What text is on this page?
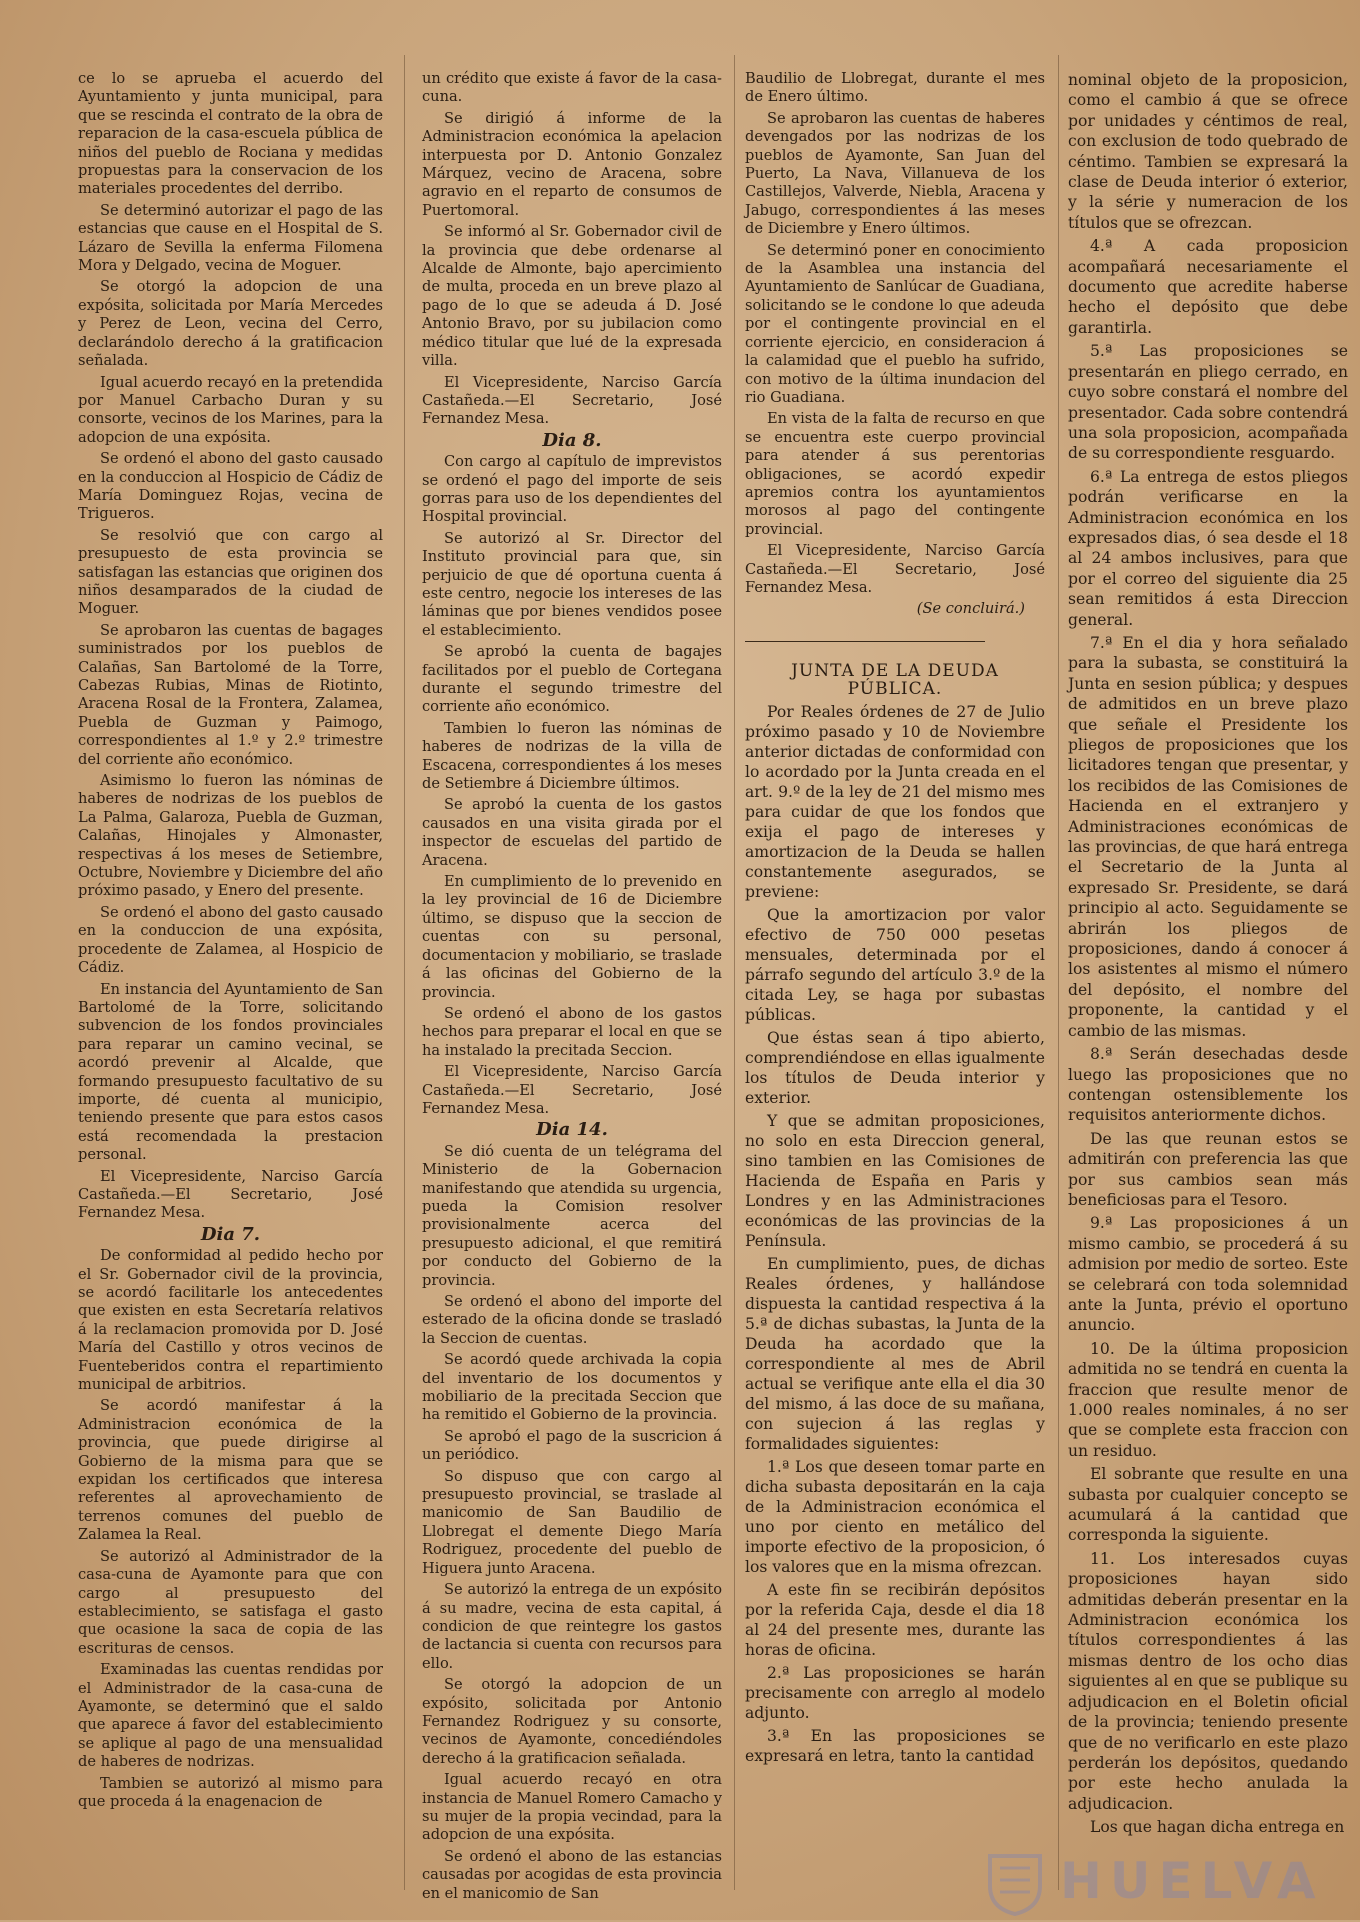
ce lo se aprueba el acuerdo del Ayuntamiento y junta municipal, para que se rescinda el contrato de la obra de reparacion de la casa-escuela pública de niños del pueblo de Rociana y medidas propuestas para la conservacion de los materiales procedentes del derribo.

Se determinó autorizar el pago de las estancias que cause en el Hospital de S. Lázaro de Sevilla la enferma Filomena Mora y Delgado, vecina de Moguer.

Se otorgó la adopcion de una expósita, solicitada por María Mercedes y Perez de Leon, vecina del Cerro, declarándolo derecho á la gratificacion señalada.

Igual acuerdo recayó en la pretendida por Manuel Carbacho Duran y su consorte, vecinos de los Marines, para la adopcion de una expósita.

Se ordenó el abono del gasto causado en la conduccion al Hospicio de Cádiz de María Dominguez Rojas, vecina de Trigueros.

Se resolvió que con cargo al presupuesto de esta provincia se satisfagan las estancias que originen dos niños desamparados de la ciudad de Moguer.

Se aprobaron las cuentas de bagages suministrados por los pueblos de Calañas, San Bartolomé de la Torre, Cabezas Rubias, Minas de Riotinto, Aracena Rosal de la Frontera, Zalamea, Puebla de Guzman y Paimogo, correspondientes al 1.º y 2.º trimestre del corriente año económico.

Asimismo lo fueron las nóminas de haberes de nodrizas de los pueblos de La Palma, Galaroza, Puebla de Guzman, Calañas, Hinojales y Almonaster, respectivas á los meses de Setiembre, Octubre, Noviembre y Diciembre del año próximo pasado, y Enero del presente.

Se ordenó el abono del gasto causado en la conduccion de una expósita, procedente de Zalamea, al Hospicio de Cádiz.

En instancia del Ayuntamiento de San Bartolomé de la Torre, solicitando subvencion de los fondos provinciales para reparar un camino vecinal, se acordó prevenir al Alcalde, que formando presupuesto facultativo de su importe, dé cuenta al municipio, teniendo presente que para estos casos está recomendada la prestacion personal.

El Vicepresidente, Narciso García Castañeda.—El Secretario, José Fernandez Mesa.

Dia 7.

De conformidad al pedido hecho por el Sr. Gobernador civil de la provincia, se acordó facilitarle los antecedentes que existen en esta Secretaría relativos á la reclamacion promovida por D. José María del Castillo y otros vecinos de Fuenteberidos contra el repartimiento municipal de arbitrios.

Se acordó manifestar á la Administracion económica de la provincia, que puede dirigirse al Gobierno de la misma para que se expidan los certificados que interesa referentes al aprovechamiento de terrenos comunes del pueblo de Zalamea la Real.

Se autorizó al Administrador de la casa-cuna de Ayamonte para que con cargo al presupuesto del establecimiento, se satisfaga el gasto que ocasione la saca de copia de las escrituras de censos.

Examinadas las cuentas rendidas por el Administrador de la casa-cuna de Ayamonte, se determinó que el saldo que aparece á favor del establecimiento se aplique al pago de una mensualidad de haberes de nodrizas.

Tambien se autorizó al mismo para que proceda á la enagenacion de

un crédito que existe á favor de la casa-cuna.

Se dirigió á informe de la Administracion económica la apelacion interpuesta por D. Antonio Gonzalez Márquez, vecino de Aracena, sobre agravio en el reparto de consumos de Puertomoral.

Se informó al Sr. Gobernador civil de la provincia que debe ordenarse al Alcalde de Almonte, bajo apercimiento de multa, proceda en un breve plazo al pago de lo que se adeuda á D. José Antonio Bravo, por su jubilacion como médico titular que lué de la expresada villa.

El Vicepresidente, Narciso García Castañeda.—El Secretario, José Fernandez Mesa.

Dia 8.

Con cargo al capítulo de imprevistos se ordenó el pago del importe de seis gorras para uso de los dependientes del Hospital provincial.

Se autorizó al Sr. Director del Instituto provincial para que, sin perjuicio de que dé oportuna cuenta á este centro, negocie los intereses de las láminas que por bienes vendidos posee el establecimiento.

Se aprobó la cuenta de bagajes facilitados por el pueblo de Cortegana durante el segundo trimestre del corriente año económico.

Tambien lo fueron las nóminas de haberes de nodrizas de la villa de Escacena, correspondientes á los meses de Setiembre á Diciembre últimos.

Se aprobó la cuenta de los gastos causados en una visita girada por el inspector de escuelas del partido de Aracena.

En cumplimiento de lo prevenido en la ley provincial de 16 de Diciembre último, se dispuso que la seccion de cuentas con su personal, documentacion y mobiliario, se traslade á las oficinas del Gobierno de la provincia.

Se ordenó el abono de los gastos hechos para preparar el local en que se ha instalado la precitada Seccion.

El Vicepresidente, Narciso García Castañeda.—El Secretario, José Fernandez Mesa.

Dia 14.

Se dió cuenta de un telégrama del Ministerio de la Gobernacion manifestando que atendida su urgencia, pueda la Comision resolver provisionalmente acerca del presupuesto adicional, el que remitirá por conducto del Gobierno de la provincia.

Se ordenó el abono del importe del esterado de la oficina donde se trasladó la Seccion de cuentas.

Se acordó quede archivada la copia del inventario de los documentos y mobiliario de la precitada Seccion que ha remitido el Gobierno de la provincia.

Se aprobó el pago de la suscricion á un periódico.

So dispuso que con cargo al presupuesto provincial, se traslade al manicomio de San Baudilio de Llobregat el demente Diego María Rodriguez, procedente del pueblo de Higuera junto Aracena.

Se autorizó la entrega de un expósito á su madre, vecina de esta capital, á condicion de que reintegre los gastos de lactancia si cuenta con recursos para ello.

Se otorgó la adopcion de un expósito, solicitada por Antonio Fernandez Rodriguez y su consorte, vecinos de Ayamonte, concediéndoles derecho á la gratificacion señalada.

Igual acuerdo recayó en otra instancia de Manuel Romero Camacho y su mujer de la propia vecindad, para la adopcion de una expósita.

Se ordenó el abono de las estancias causadas por acogidas de esta provincia en el manicomio de San

Baudilio de Llobregat, durante el mes de Enero último.

Se aprobaron las cuentas de haberes devengados por las nodrizas de los pueblos de Ayamonte, San Juan del Puerto, La Nava, Villanueva de los Castillejos, Valverde, Niebla, Aracena y Jabugo, correspondientes á las meses de Diciembre y Enero últimos.

Se determinó poner en conocimiento de la Asamblea una instancia del Ayuntamiento de Sanlúcar de Guadiana, solicitando se le condone lo que adeuda por el contingente provincial en el corriente ejercicio, en consideracion á la calamidad que el pueblo ha sufrido, con motivo de la última inundacion del rio Guadiana.

En vista de la falta de recurso en que se encuentra este cuerpo provincial para atender á sus perentorias obligaciones, se acordó expedir apremios contra los ayuntamientos morosos al pago del contingente provincial.

El Vicepresidente, Narciso García Castañeda.—El Secretario, José Fernandez Mesa.

(Se concluirá.)

JUNTA DE LA DEUDA PÚBLICA.

Por Reales órdenes de 27 de Julio próximo pasado y 10 de Noviembre anterior dictadas de conformidad con lo acordado por la Junta creada en el art. 9.º de la ley de 21 del mismo mes para cuidar de que los fondos que exija el pago de intereses y amortizacion de la Deuda se hallen constantemente asegurados, se previene:

Que la amortizacion por valor efectivo de 750 000 pesetas mensuales, determinada por el párrafo segundo del artículo 3.º de la citada Ley, se haga por subastas públicas.

Que éstas sean á tipo abierto, comprendiéndose en ellas igualmente los títulos de Deuda interior y exterior.

Y que se admitan proposiciones, no solo en esta Direccion general, sino tambien en las Comisiones de Hacienda de España en Paris y Londres y en las Administraciones económicas de las provincias de la Península.

En cumplimiento, pues, de dichas Reales órdenes, y hallándose dispuesta la cantidad respectiva á la 5.ª de dichas subastas, la Junta de la Deuda ha acordado que la correspondiente al mes de Abril actual se verifique ante ella el dia 30 del mismo, á las doce de su mañana, con sujecion á las reglas y formalidades siguientes:

1.ª Los que deseen tomar parte en dicha subasta depositarán en la caja de la Administracion económica el uno por ciento en metálico del importe efectivo de la proposicion, ó los valores que en la misma ofrezcan.

A este fin se recibirán depósitos por la referida Caja, desde el dia 18 al 24 del presente mes, durante las horas de oficina.

2.ª Las proposiciones se harán precisamente con arreglo al modelo adjunto.

3.ª En las proposiciones se expresará en letra, tanto la cantidad

nominal objeto de la proposicion, como el cambio á que se ofrece por unidades y céntimos de real, con exclusion de todo quebrado de céntimo. Tambien se expresará la clase de Deuda interior ó exterior, y la série y numeracion de los títulos que se ofrezcan.

4.ª A cada proposicion acompañará necesariamente el documento que acredite haberse hecho el depósito que debe garantirla.

5.ª Las proposiciones se presentarán en pliego cerrado, en cuyo sobre constará el nombre del presentador. Cada sobre contendrá una sola proposicion, acompañada de su correspondiente resguardo.

6.ª La entrega de estos pliegos podrán verificarse en la Administracion económica en los expresados dias, ó sea desde el 18 al 24 ambos inclusives, para que por el correo del siguiente dia 25 sean remitidos á esta Direccion general.

7.ª En el dia y hora señalado para la subasta, se constituirá la Junta en sesion pública; y despues de admitidos en un breve plazo que señale el Presidente los pliegos de proposiciones que los licitadores tengan que presentar, y los recibidos de las Comisiones de Hacienda en el extranjero y Administraciones económicas de las provincias, de que hará entrega el Secretario de la Junta al expresado Sr. Presidente, se dará principio al acto. Seguidamente se abrirán los pliegos de proposiciones, dando á conocer á los asistentes al mismo el número del depósito, el nombre del proponente, la cantidad y el cambio de las mismas.

8.ª Serán desechadas desde luego las proposiciones que no contengan ostensiblemente los requisitos anteriormente dichos.

De las que reunan estos se admitirán con preferencia las que por sus cambios sean más beneficiosas para el Tesoro.

9.ª Las proposiciones á un mismo cambio, se procederá á su admision por medio de sorteo. Este se celebrará con toda solemnidad ante la Junta, prévio el oportuno anuncio.

10. De la última proposicion admitida no se tendrá en cuenta la fraccion que resulte menor de 1.000 reales nominales, á no ser que se complete esta fraccion con un residuo.

El sobrante que resulte en una subasta por cualquier concepto se acumulará á la cantidad que corresponda la siguiente.

11. Los interesados cuyas proposiciones hayan sido admitidas deberán presentar en la Administracion económica los títulos correspondientes á las mismas dentro de los ocho dias siguientes al en que se publique su adjudicacion en el Boletin oficial de la provincia; teniendo presente que de no verificarlo en este plazo perderán los depósitos, quedando por este hecho anulada la adjudicacion.

Los que hagan dicha entrega en

HUELVA
